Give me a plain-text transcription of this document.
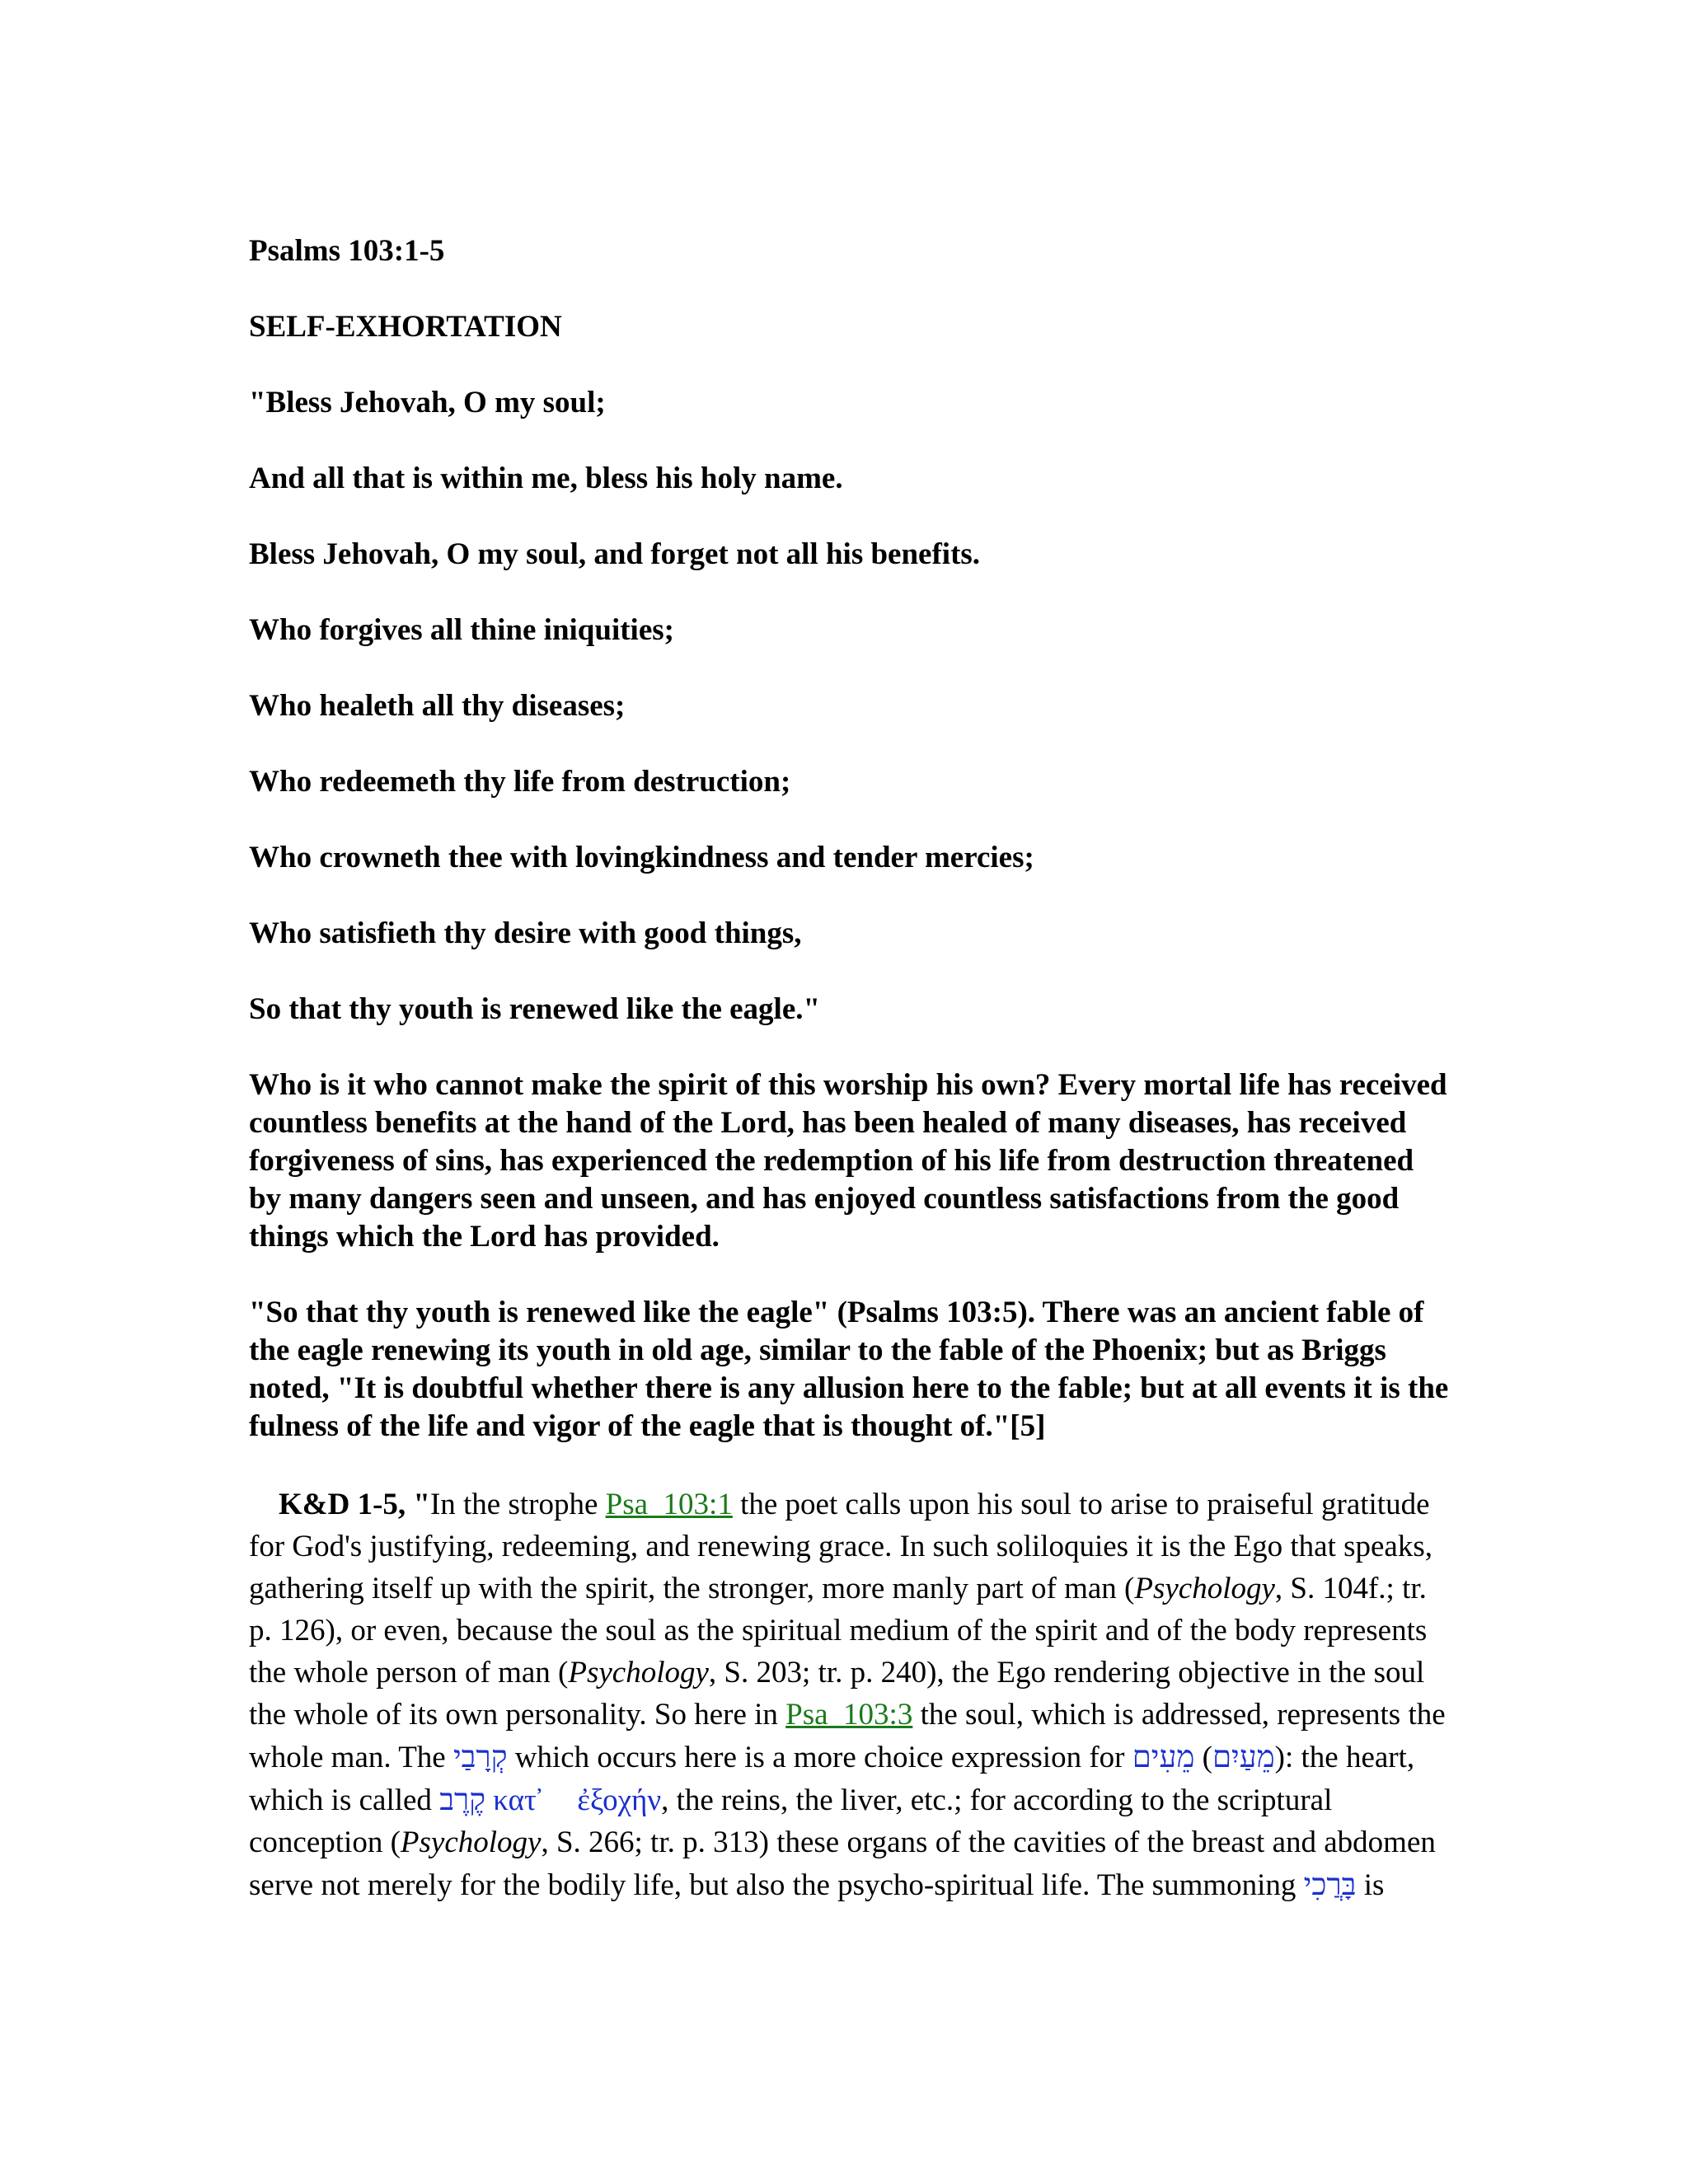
Psalms 103:1-5

SELF-EXHORTATION

"Bless Jehovah, O my soul;

And all that is within me, bless his holy name.

Bless Jehovah, O my soul, and forget not all his benefits.

Who forgives all thine iniquities;

Who healeth all thy diseases;

Who redeemeth thy life from destruction;

Who crowneth thee with lovingkindness and tender mercies;

Who satisfieth thy desire with good things,

So that thy youth is renewed like the eagle."

Who is it who cannot make the spirit of this worship his own? Every mortal life has received countless benefits at the hand of the Lord, has been healed of many diseases, has received forgiveness of sins, has experienced the redemption of his life from destruction threatened by many dangers seen and unseen, and has enjoyed countless satisfactions from the good things which the Lord has provided.

"So that thy youth is renewed like the eagle" (Psalms 103:5). There was an ancient fable of the eagle renewing its youth in old age, similar to the fable of the Phoenix; but as Briggs noted, "It is doubtful whether there is any allusion here to the fable; but at all events it is the fulness of the life and vigor of the eagle that is thought of."[5]

K&D 1-5, "In the strophe Psa_103:1 the poet calls upon his soul to arise to praiseful gratitude for God's justifying, redeeming, and renewing grace. In such soliloquies it is the Ego that speaks, gathering itself up with the spirit, the stronger, more manly part of man (Psychology, S. 104f.; tr. p. 126), or even, because the soul as the spiritual medium of the spirit and of the body represents the whole person of man (Psychology, S. 203; tr. p. 240), the Ego rendering objective in the soul the whole of its own personality. So here in Psa_103:3 the soul, which is addressed, represents the whole man. The קְרָבַי which occurs here is a more choice expression for מֵעִים (מֵעַיִם): the heart, which is called קֶרֶב κατ ᾽ ἐξοχήν, the reins, the liver, etc.; for according to the scriptural conception (Psychology, S. 266; tr. p. 313) these organs of the cavities of the breast and abdomen serve not merely for the bodily life, but also the psycho-spiritual life. The summoning בָּרֲכִי is
